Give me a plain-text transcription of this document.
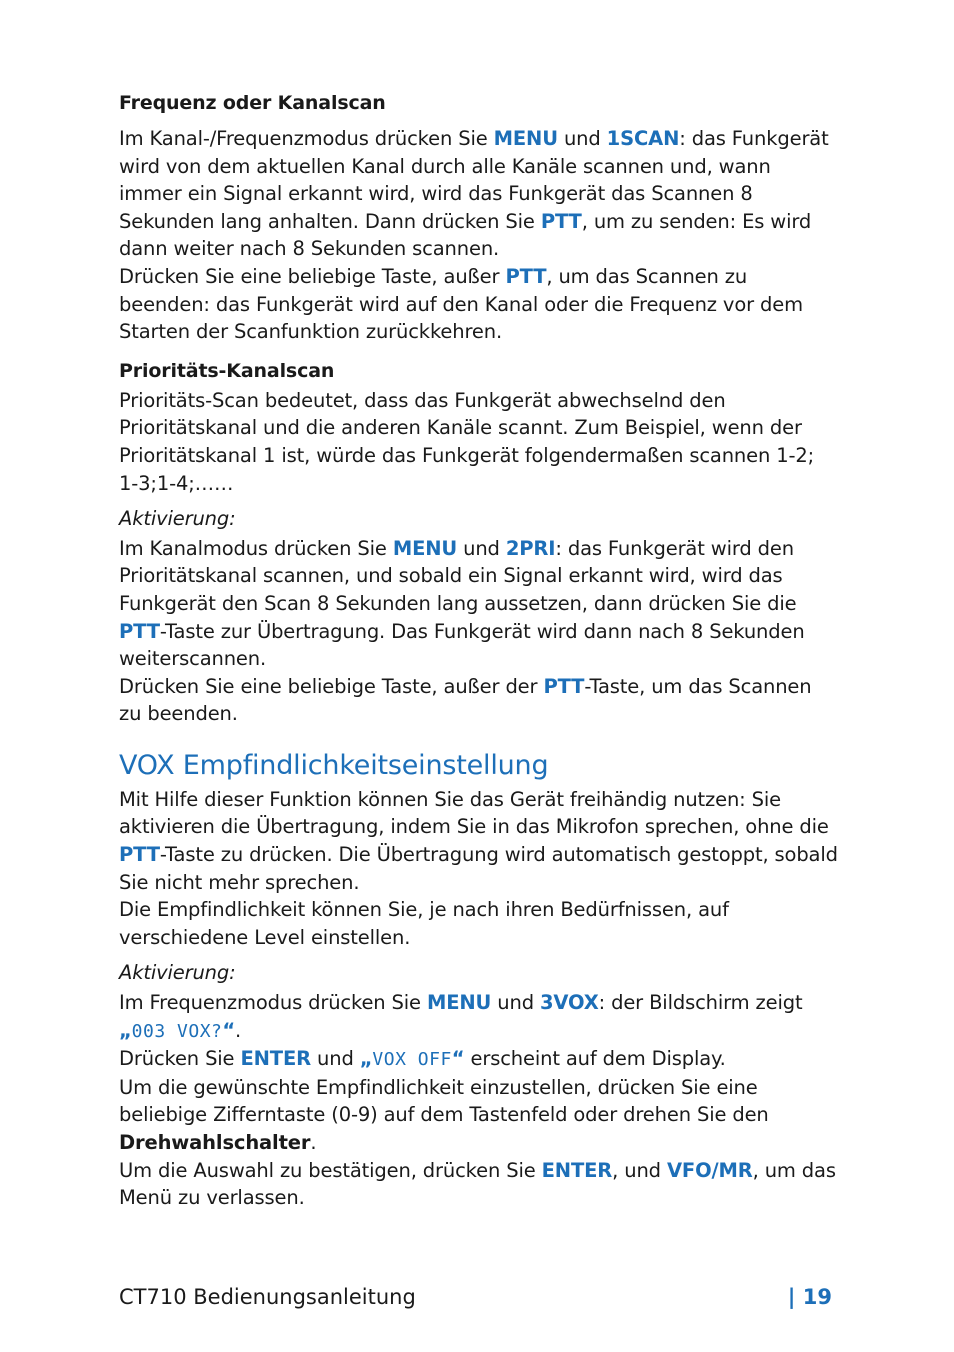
Frequenz oder Kanalscan

Im Kanal-/Frequenzmodus drücken Sie MENU und 1SCAN: das Funkgerät wird von dem aktuellen Kanal durch alle Kanäle scannen und, wann immer ein Signal erkannt wird, wird das Funkgerät das Scannen 8 Sekunden lang anhalten. Dann drücken Sie PTT, um zu senden: Es wird dann weiter nach 8 Sekunden scannen.

Drücken Sie eine beliebige Taste, außer PTT, um das Scannen zu beenden: das Funkgerät wird auf den Kanal oder die Frequenz vor dem Starten der Scanfunktion zurückkehren.

Prioritäts-Kanalscan

Prioritäts-Scan bedeutet, dass das Funkgerät abwechselnd den Prioritätskanal und die anderen Kanäle scannt. Zum Beispiel, wenn der Prioritätskanal 1 ist, würde das Funkgerät folgendermaßen scannen 1-2; 1-3;1-4;……

Aktivierung:

Im Kanalmodus drücken Sie MENU und 2PRI: das Funkgerät wird den Prioritätskanal scannen, und sobald ein Signal erkannt wird, wird das Funkgerät den Scan 8 Sekunden lang aussetzen, dann drücken Sie die PTT-Taste zur Übertragung. Das Funkgerät wird dann nach 8 Sekunden weiterscannen.

Drücken Sie eine beliebige Taste, außer der PTT-Taste, um das Scannen zu beenden.

VOX Empfindlichkeitseinstellung

Mit Hilfe dieser Funktion können Sie das Gerät freihändig nutzen: Sie aktivieren die Übertragung, indem Sie in das Mikrofon sprechen, ohne die PTT-Taste zu drücken. Die Übertragung wird automatisch gestoppt, sobald Sie nicht mehr sprechen.

Die Empfindlichkeit können Sie, je nach ihren Bedürfnissen, auf verschiedene Level einstellen.

Aktivierung:

Im Frequenzmodus drücken Sie MENU und 3VOX: der Bildschirm zeigt „003 VOX?“.

Drücken Sie ENTER und „VOX OFF“ erscheint auf dem Display.

Um die gewünschte Empfindlichkeit einzustellen, drücken Sie eine beliebige Zifferntaste (0-9) auf dem Tastenfeld oder drehen Sie den Drehwahlschalter.

Um die Auswahl zu bestätigen, drücken Sie ENTER, und VFO/MR, um das Menü zu verlassen.

CT710 Bedienungsanleitung	| 19
